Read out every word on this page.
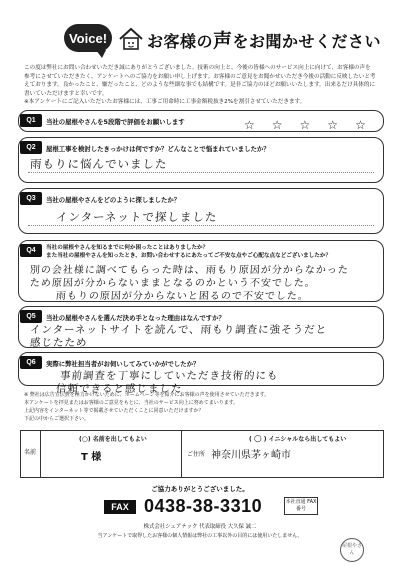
Voice!	お客様の声をお聞かせください
この度は弊社にお問い合わせいただき誠にありがとうございました。技術の向上と、今後の皆様へのサービス向上に向けて、お客様の声を参考にさせていただきたく、アンケートへのご協力をお願い申し上げます。お客様のご意見をお聞かせいただき今後の活動に反映したいと考えております。良かったこと、嫌だったこと、どのような些細な事でも結構です。是非ご協力のほどお願いいたします。出来るだけ具体的に書いていただけますと幸いです。
※本アンケートにご記入いただいたお客様には、工事ご用命時に工事金額税抜き2%を割引させていただきます。
Q1	当社の屋根やさんを5段階で評価をお願いします	☆ ☆ ☆ ☆ ☆
Q2	屋根工事を検討したきっかけは何ですか？どんなことで悩まれていましたか？
雨もりに悩んでいました
Q3	当社の屋根やさんをどのように探しましたか？
インターネットで探しました
Q4	当社の屋根やさんを知るまでに何か困ったことはありましたか？
また当社の屋根やさんを知ったとき、お問い合わせするにあたってご不安な点やご心配な点などございましたか？
別の会社様に調べてもらった時は、雨もり原因が分からなかった
ため原因が分からないままとなるのかという不安でした。
雨もりの原因が分からないと困るので不安でした。
Q5	当社の屋根やさんを選んだ決め手となった理由はなんですか？
インターネットサイトを読んで、雨もり調査に強そうだと
感じたため
Q6	実際に弊社担当者がお伺いしてみていかがでしたか？
事前調査を丁寧にしていただき技術的にも
信頼できると感じました
※ 弊社は広告宣伝費を極力かけないために、ホームページ等を紹介にお客様の声を使用させていただきます。
本アンケートを拝見またはお客様のご意見をもとに、当社のサービス向上に努めてまいります。
上記内容をインターネット等で掲載させていただくことに同意いただけますか？
下記の中からご選択下さい。
名前
(○) 名前を出してもよい
T 様
( ○ ) イニシャルなら出してもよい
ご住所 神奈川県茅ヶ崎市
ご協力ありがとうございました。
FAX 0438-38-3310	本社直通 FAX番号
株式会社シェアテック 代表取締役 大久保 誠二
当アンケートで取得したお客様の個人情報は弊社の工事以外の目的には使用いたしません。
屋根やさん
